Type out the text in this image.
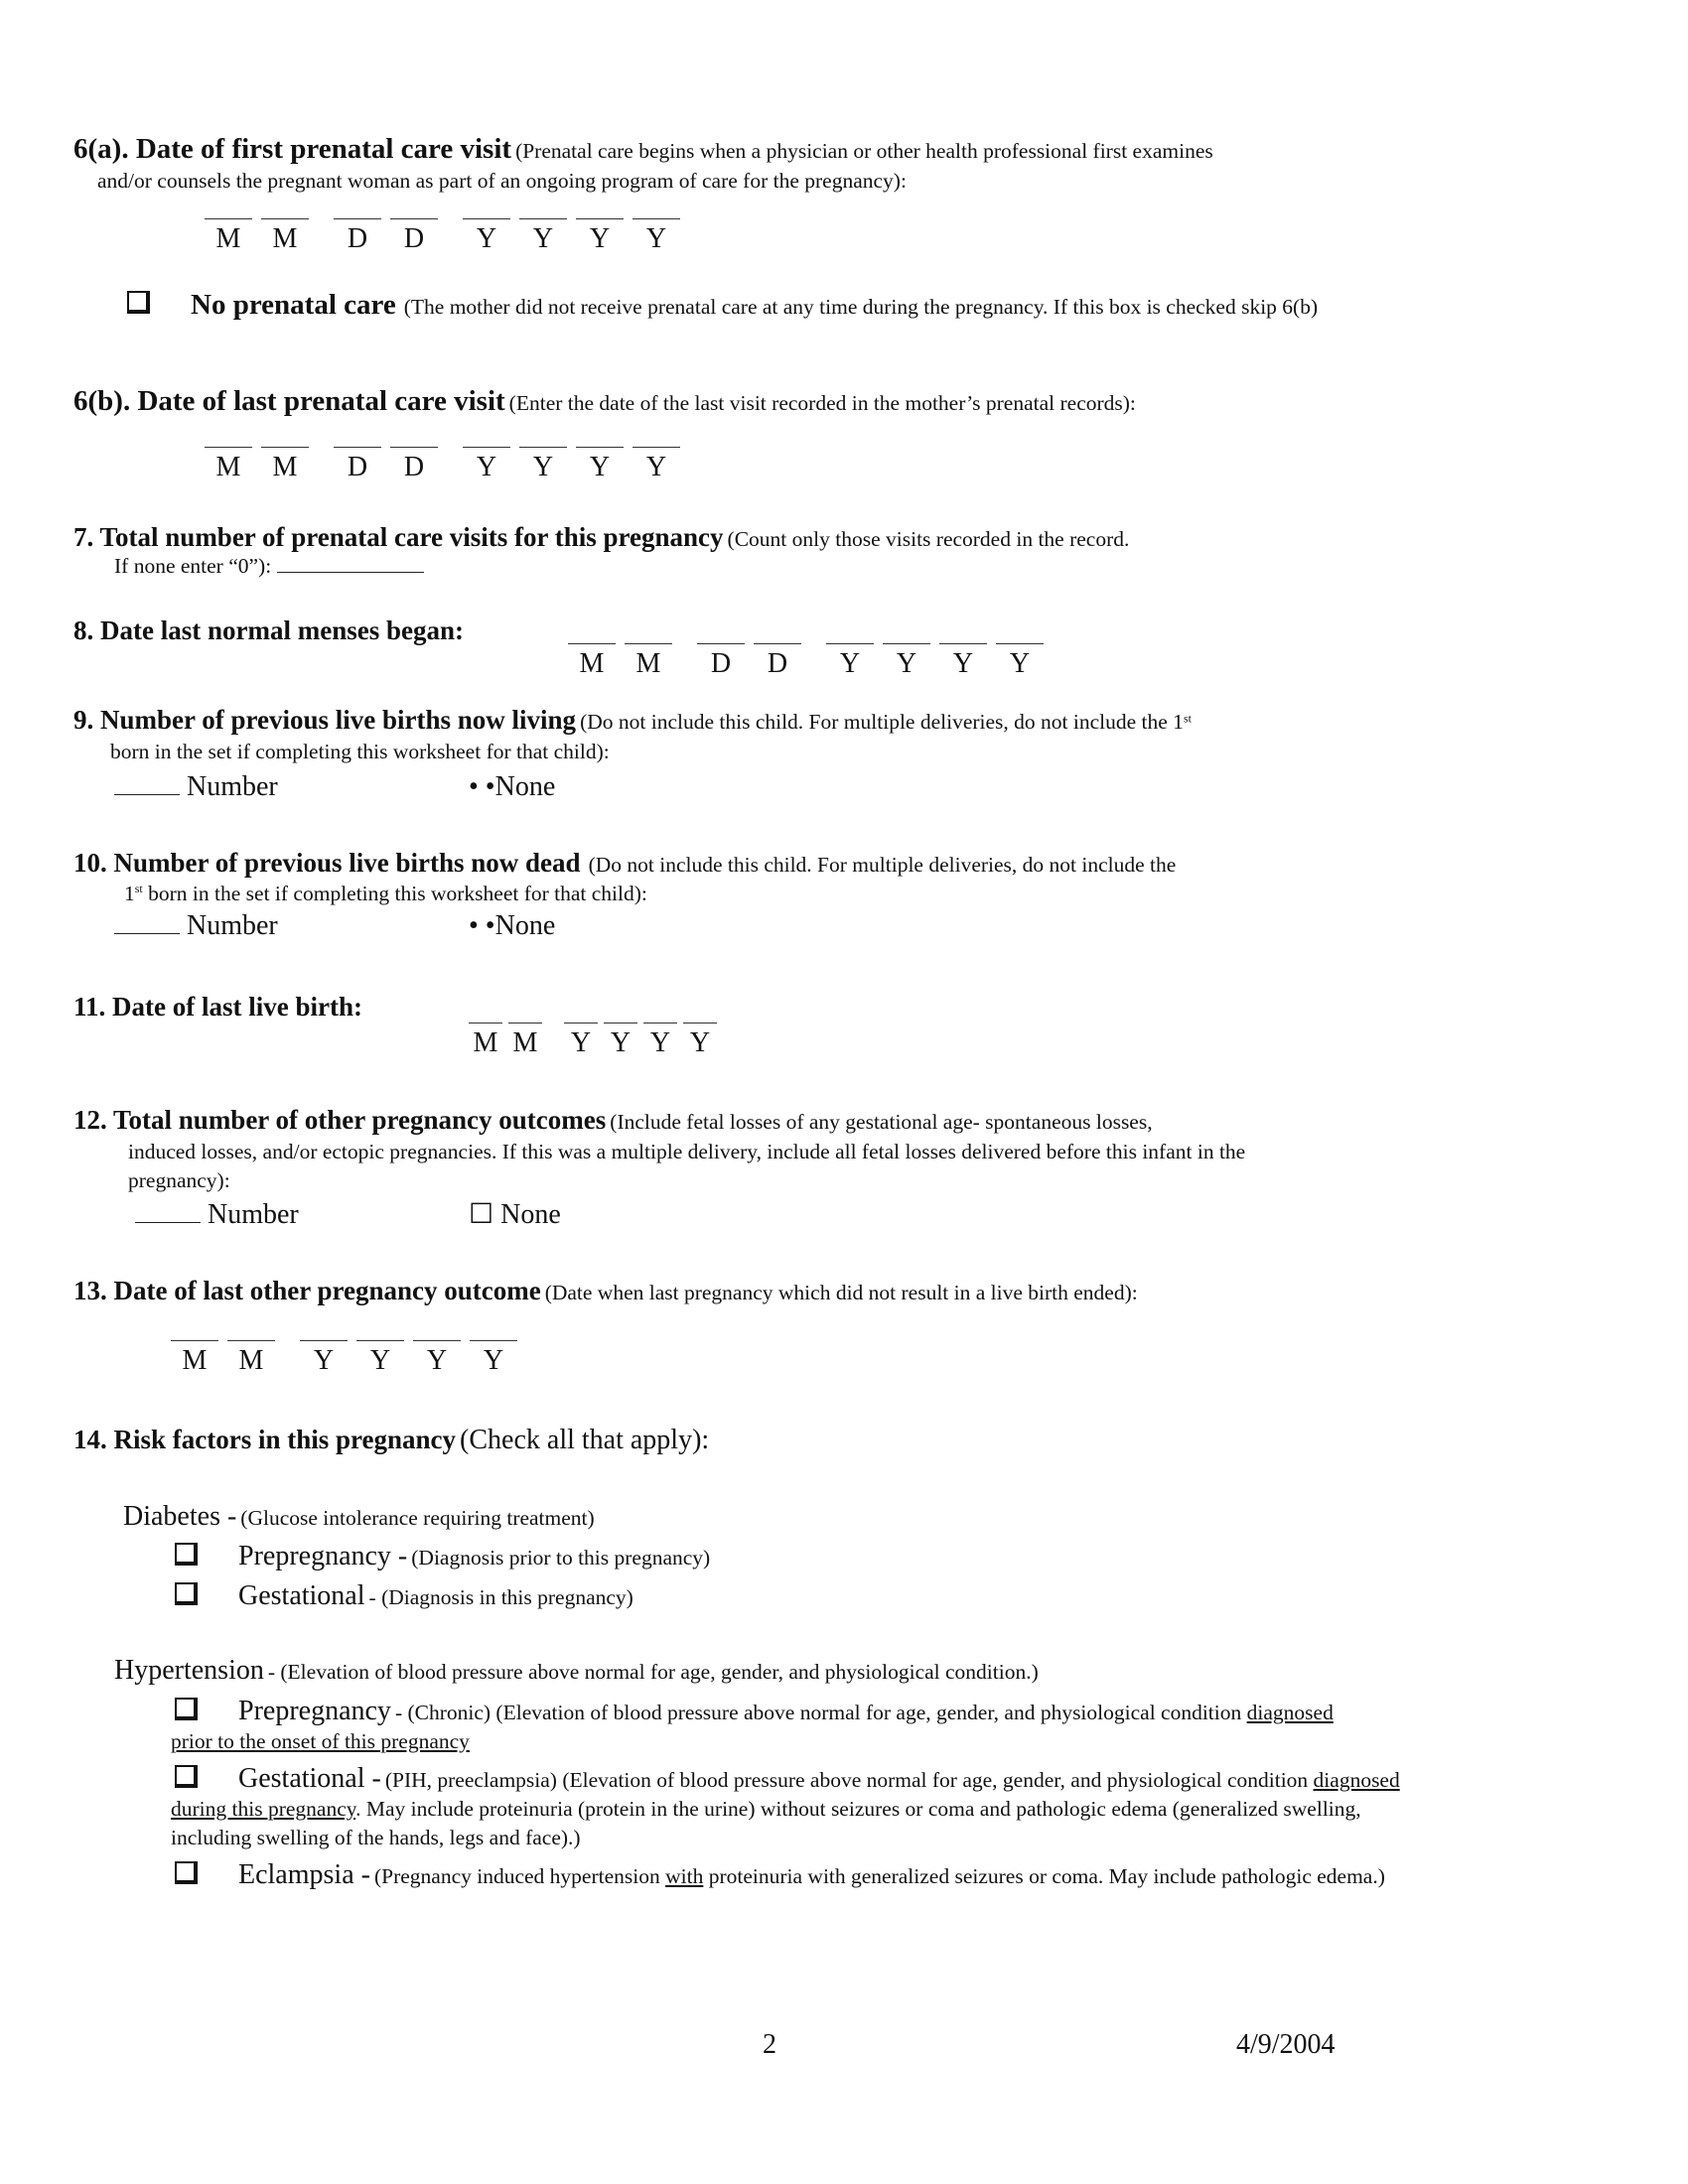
6(a). Date of first prenatal care visit (Prenatal care begins when a physician or other health professional first examines
and/or counsels the pregnant woman as part of an ongoing program of care for the pregnancy):
M	M	D	D	Y	Y	Y	Y
No prenatal care (The mother did not receive prenatal care at any time during the pregnancy. If this box is checked skip 6(b)
6(b). Date of last prenatal care visit (Enter the date of the last visit recorded in the mother’s prenatal records):
M	M	D	D	Y	Y	Y	Y
7. Total number of prenatal care visits for this pregnancy (Count only those visits recorded in the record.
If none enter “0”):
8. Date last normal menses began:
M	M	D	D	Y	Y	Y	Y
9. Number of previous live births now living (Do not include this child. For multiple deliveries, do not include the 1st
born in the set if completing this worksheet for that child):
Number	• •None
10. Number of previous live births now dead (Do not include this child. For multiple deliveries, do not include the
1st born in the set if completing this worksheet for that child):
Number	• •None
11. Date of last live birth:
M M Y Y Y Y
12. Total number of other pregnancy outcomes (Include fetal losses of any gestational age- spontaneous losses,
induced losses, and/or ectopic pregnancies. If this was a multiple delivery, include all fetal losses delivered before this infant in the
pregnancy):
Number	☐ None
13. Date of last other pregnancy outcome (Date when last pregnancy which did not result in a live birth ended):
M	M	Y	Y	Y	Y
14. Risk factors in this pregnancy (Check all that apply):
Diabetes - (Glucose intolerance requiring treatment)
Prepregnancy - (Diagnosis prior to this pregnancy)
Gestational - (Diagnosis in this pregnancy)
Hypertension - (Elevation of blood pressure above normal for age, gender, and physiological condition.)
Prepregnancy - (Chronic) (Elevation of blood pressure above normal for age, gender, and physiological condition diagnosed
prior to the onset of this pregnancy
Gestational - (PIH, preeclampsia) (Elevation of blood pressure above normal for age, gender, and physiological condition diagnosed
during this pregnancy. May include proteinuria (protein in the urine) without seizures or coma and pathologic edema (generalized swelling,
including swelling of the hands, legs and face).)
Eclampsia - (Pregnancy induced hypertension with proteinuria with generalized seizures or coma. May include pathologic edema.)
2	4/9/2004
